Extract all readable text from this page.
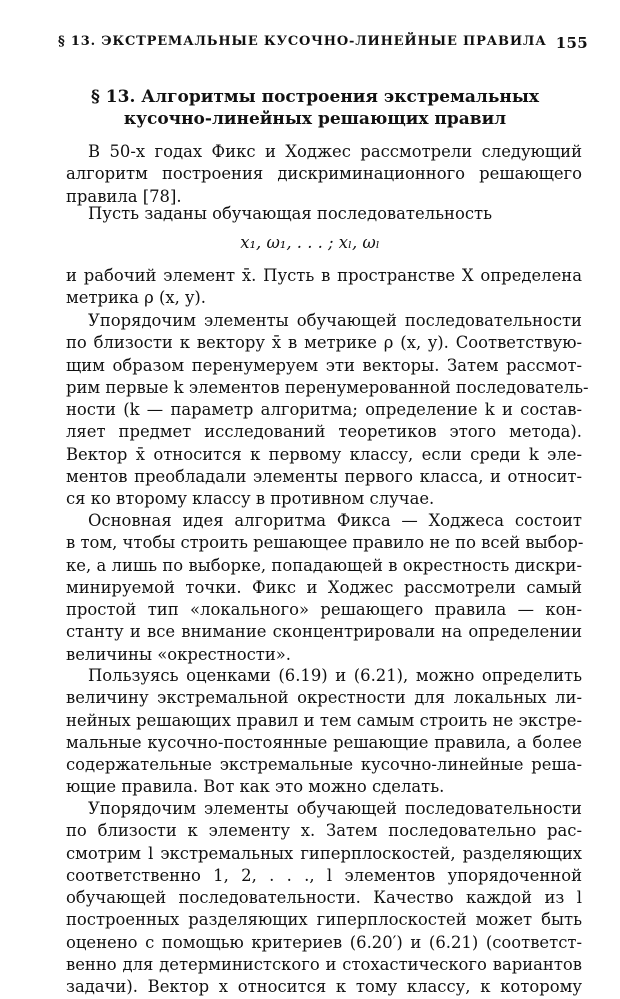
§ 13. ЭКСТРЕМАЛЬНЫЕ КУСОЧНО-ЛИНЕЙНЫЕ ПРАВИЛА 155
§ 13. Алгоритмы построения экстремальных
кусочно-линейных решающих правил
В 50-х годах Фикс и Ходжес рассмотрели следующий
алгоритм построения дискриминационного решающего
правила [78].
Пусть заданы обучающая последовательность
x₁, ω₁, . . . ; xₗ, ωₗ
и рабочий элемент x̄. Пусть в пространстве X определена
метрика ρ (x, y).
Упорядочим элементы обучающей последовательности
по близости к вектору x̄ в метрике ρ (x, y). Соответствую-
щим образом перенумеруем эти векторы. Затем рассмот-
рим первые k элементов перенумерованной последователь-
ности (k — параметр алгоритма; определение k и состав-
ляет предмет исследований теоретиков этого метода).
Вектор x̄ относится к первому классу, если среди k эле-
ментов преобладали элементы первого класса, и относит-
ся ко второму классу в противном случае.
Основная идея алгоритма Фикса — Ходжеса состоит
в том, чтобы строить решающее правило не по всей выбор-
ке, а лишь по выборке, попадающей в окрестность дискри-
минируемой точки. Фикс и Ходжес рассмотрели самый
простой тип «локального» решающего правила — кон-
станту и все внимание сконцентрировали на определении
величины «окрестности».
Пользуясь оценками (6.19) и (6.21), можно определить
величину экстремальной окрестности для локальных ли-
нейных решающих правил и тем самым строить не экстре-
мальные кусочно-постоянные решающие правила, а более
содержательные экстремальные кусочно-линейные реша-
ющие правила. Вот как это можно сделать.
Упорядочим элементы обучающей последовательности
по близости к элементу x. Затем последовательно рас-
смотрим l экстремальных гиперплоскостей, разделяющих
соответственно 1, 2, . . ., l элементов упорядоченной
обучающей последовательности. Качество каждой из l
построенных разделяющих гиперплоскостей может быть
оценено с помощью критериев (6.20′) и (6.21) (соответст-
венно для детерминистского и стохастического вариантов
задачи). Вектор x относится к тому классу, к которому
